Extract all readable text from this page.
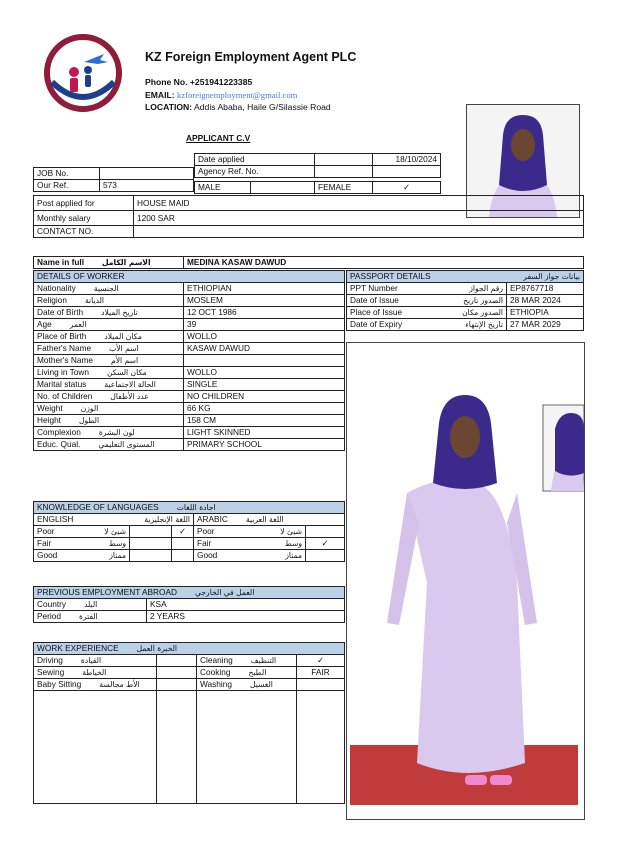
KZ Foreign Employment Agent PLC
Phone No. +251941223385
EMAIL: kzforeignemployment@gmail.com
LOCATION: Addis Ababa, Haile G/Silassie Road
APPLICANT C.V
Date applied		18/10/2024
Agency Ref. No.		
JOB No.	
Our Ref.	573	MALE		FEMALE	✓
Post applied for	HOUSE MAID
Monthly salary	1200 SAR
CONTACT NO.	
Name in full الاسم الكامل	MEDINA KASAW DAWUD
DETAILS OF WORKER	
Nationality الجنسية	ETHIOPIAN
Religion الديانة	MOSLEM
Date of Birth تاريخ الميلاد	12 OCT 1986
Age العمر	39
Place of Birth مكان الميلاد	WOLLO
Father's Name اسم الأب	KASAW DAWUD
Mother's Name اسم الأم	
Living in Town مكان السكن	WOLLO
Marital status الحالة الاجتماعية	SINGLE
No. of Children عدد الأطفال	NO CHILDREN
Weight الوزن	66 KG
Height الطول	158 CM
Complexion لون البشرة	LIGHT SKINNED
Educ. Qual. المستوى التعليمي	PRIMARY SCHOOL
PASSPORT DETAILS بيانات جواز السفر	

PPT Number رقم الجواز	EP8767718
Date of Issue الصدور تاريخ	28 MAR 2024
Place of Issue الصدور مكان	ETHIOPIA
Date of Expiry تاريخ الإنتهاء	27 MAR 2029
KNOWLEDGE OF LANGUAGES اجادة اللغات				
ENGLISH اللغة الإنجليزية			ARABIC اللغة العربية	
Poor شيئ لا		✓	Poor شيئ لا	

Fair وسط			Fair وسط	✓
Good ممتاز			Good ممتاز	

PREVIOUS EMPLOYMENT ABROAD العمل في الخارجي	
Country البلد	KSA
Period الفترة	2 YEARS
WORK EXPERIENCE الخبرة العمل			
Driving القيادة		Cleaning التنظيف	✓
Sewing الخياطة		Cooking الطبخ	FAIR
Baby Sitting الأط مجالسة		Washing الغسيل	
